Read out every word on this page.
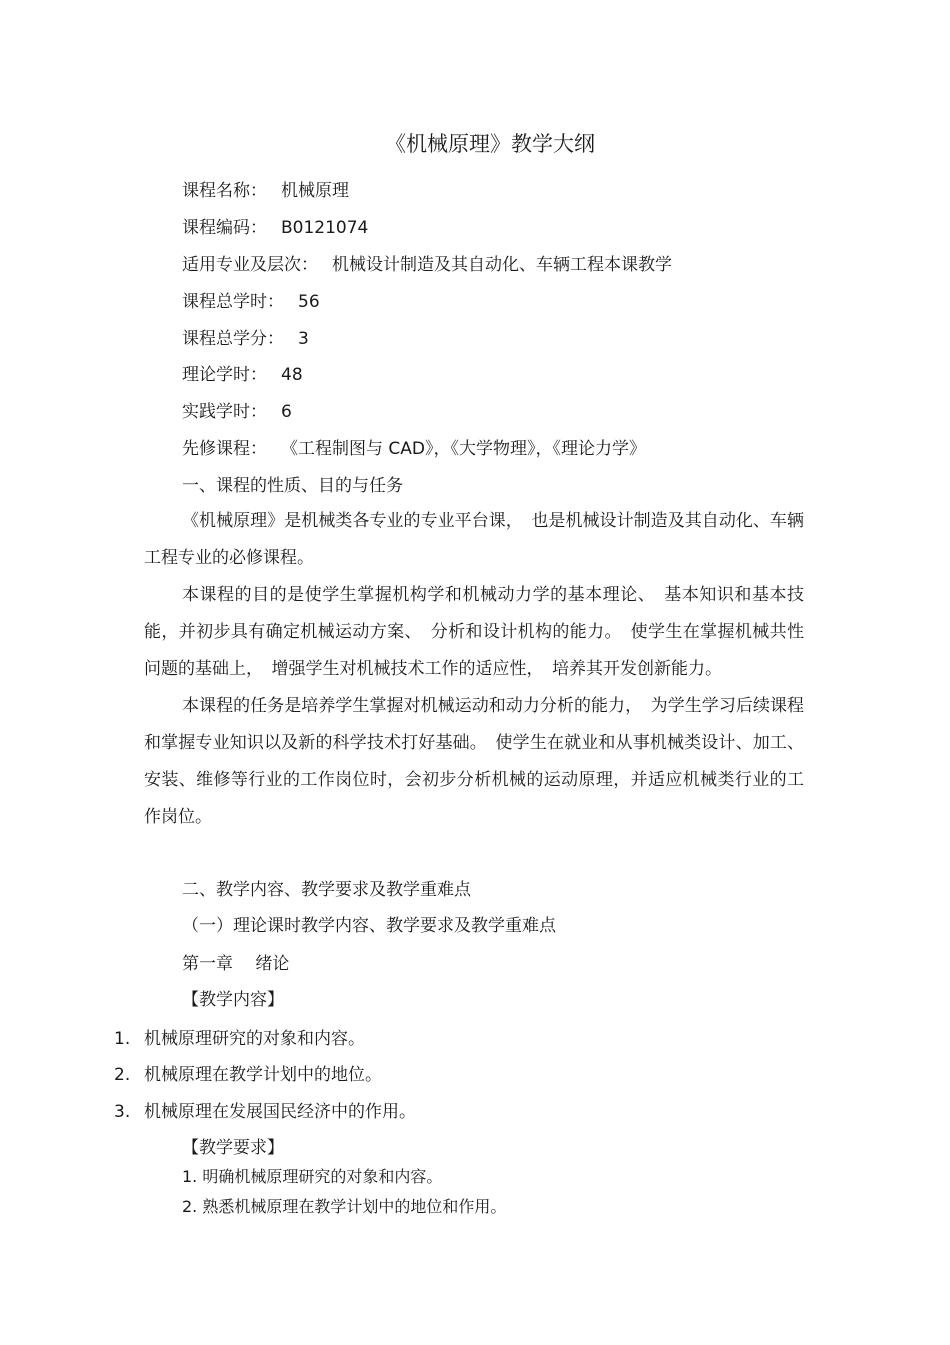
《机械原理》教学大纲
课程名称： 机械原理
课程编码： B0121074
适用专业及层次： 机械设计制造及其自动化、车辆工程本课教学
课程总学时： 56
课程总学分： 3
理论学时： 48
实践学时： 6
先修课程： 《工程制图与 CAD》，《大学物理》，《理论力学》
一、课程的性质、目的与任务

《机械原理》是机械类各专业的专业平台课，　也是机械设计制造及其自动化、车辆工程专业的必修课程。

本课程的目的是使学生掌握机构学和机械动力学的基本理论、　基本知识和基本技能，并初步具有确定机械运动方案、　分析和设计机构的能力。　使学生在掌握机械共性问题的基础上，　增强学生对机械技术工作的适应性，　培养其开发创新能力。

本课程的任务是培养学生掌握对机械运动和动力分析的能力，　为学生学习后续课程和掌握专业知识以及新的科学技术打好基础。　使学生在就业和从事机械类设计、加工、安装、维修等行业的工作岗位时，会初步分析机械的运动原理，并适应机械类行业的工作岗位。

二、教学内容、教学要求及教学重难点
（一）理论课时教学内容、教学要求及教学重难点
第一章　 绪论
【教学内容】
1. 机械原理研究的对象和内容。
2. 机械原理在教学计划中的地位。
3. 机械原理在发展国民经济中的作用。
【教学要求】
1. 明确机械原理研究的对象和内容。
2. 熟悉机械原理在教学计划中的地位和作用。
